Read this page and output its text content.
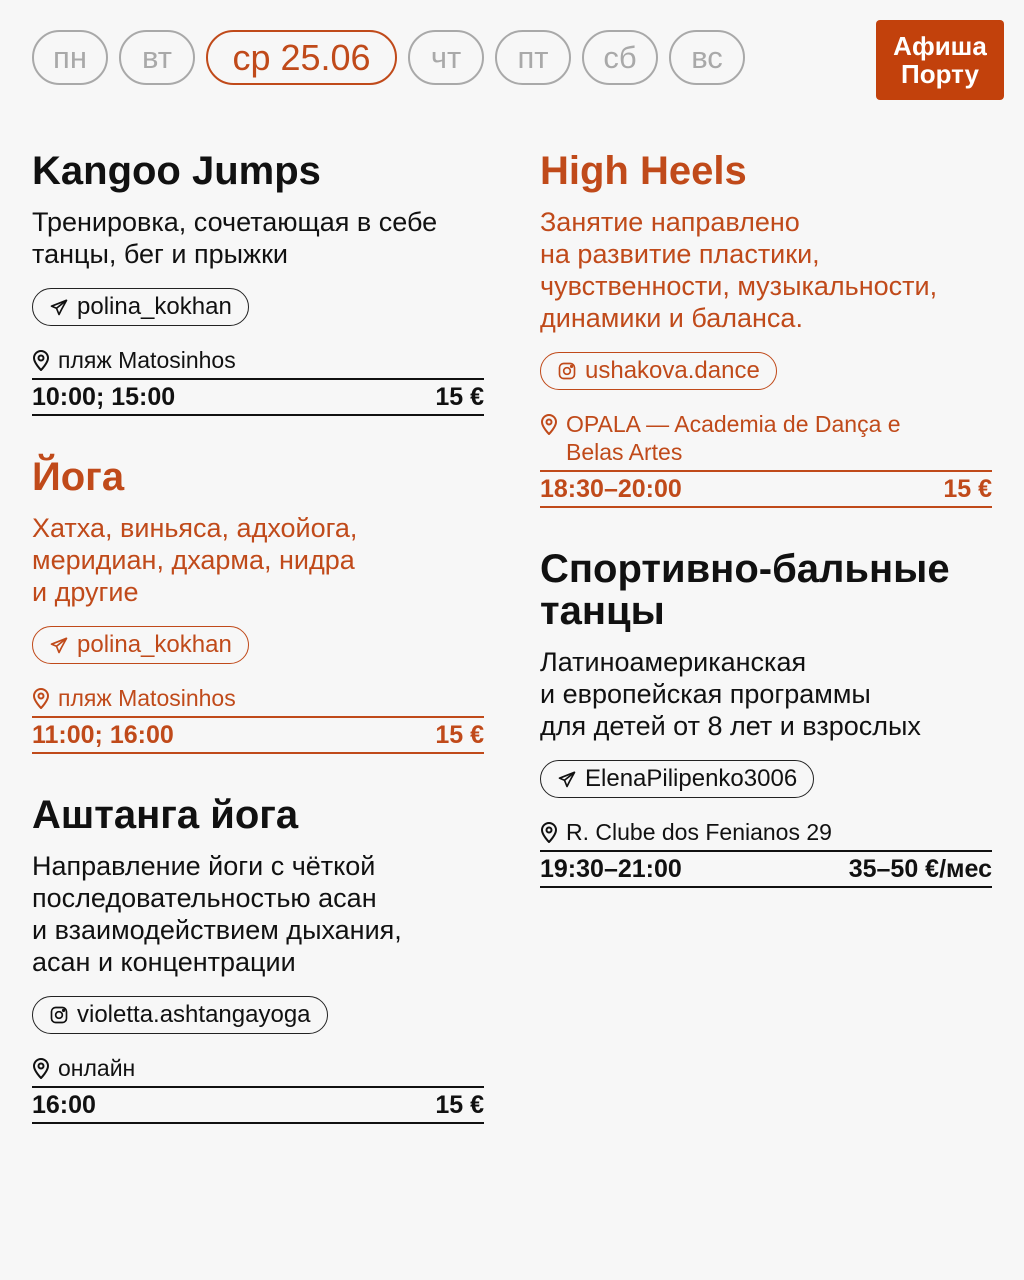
пн	вт	ср 25.06	чт	пт	сб	вс	Афиша
Порту
Kangoo Jumps
Тренировка, сочетающая в себе
танцы, бег и прыжки
polina_kokhan
пляж Matosinhos
10:00; 15:00	15 €
Йога
Хатха, виньяса, адхойога,
меридиан, дхарма, нидра
и другие
polina_kokhan
пляж Matosinhos
11:00; 16:00	15 €
Аштанга йога
Направление йоги с чёткой
последовательностью асан
и взаимодействием дыхания,
асан и концентрации
violetta.ashtangayoga
онлайн
16:00	15 €
High Heels
Занятие направлено
на развитие пластики,
чувственности, музыкальности,
динамики и баланса.
ushakova.dance
OPALA — Academia de Dança e Belas Artes
18:30–20:00	15 €
Спортивно-бальные танцы
Латиноамериканская
и европейская программы
для детей от 8 лет и взрослых
ElenaPilipenko3006
R. Clube dos Fenianos 29
19:30–21:00	35–50 €/мес
